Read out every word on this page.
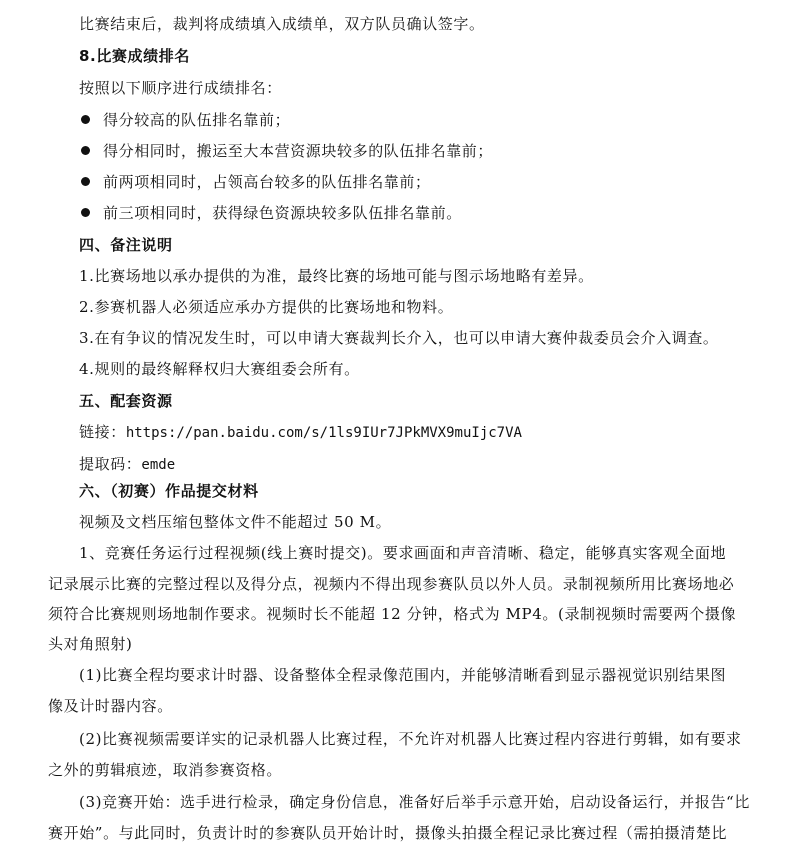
比赛结束后，裁判将成绩填入成绩单，双方队员确认签字。
8.比赛成绩排名
按照以下顺序进行成绩排名：
得分较高的队伍排名靠前；
得分相同时，搬运至大本营资源块较多的队伍排名靠前；
前两项相同时，占领高台较多的队伍排名靠前；
前三项相同时，获得绿色资源块较多队伍排名靠前。
四、备注说明
1.比赛场地以承办提供的为准，最终比赛的场地可能与图示场地略有差异。
2.参赛机器人必须适应承办方提供的比赛场地和物料。
3.在有争议的情况发生时，可以申请大赛裁判长介入，也可以申请大赛仲裁委员会介入调查。
4.规则的最终解释权归大赛组委会所有。
五、配套资源
链接：https://pan.baidu.com/s/1ls9IUr7JPkMVX9muIjc7VA
提取码：emde
六、（初赛）作品提交材料
视频及文档压缩包整体文件不能超过 50 M。
1、竞赛任务运行过程视频(线上赛时提交)。要求画面和声音清晰、稳定，能够真实客观全面地
记录展示比赛的完整过程以及得分点，视频内不得出现参赛队员以外人员。录制视频所用比赛场地必
须符合比赛规则场地制作要求。视频时长不能超 12 分钟，格式为 MP4。(录制视频时需要两个摄像
头对角照射)
(1)比赛全程均要求计时器、设备整体全程录像范围内，并能够清晰看到显示器视觉识别结果图
像及计时器内容。
(2)比赛视频需要详实的记录机器人比赛过程，不允许对机器人比赛过程内容进行剪辑，如有要求
之外的剪辑痕迹，取消参赛资格。
(3)竞赛开始：选手进行检录，确定身份信息，准备好后举手示意开始，启动设备运行，并报告“比
赛开始”。与此同时，负责计时的参赛队员开始计时，摄像头拍摄全程记录比赛过程（需拍摄清楚比
